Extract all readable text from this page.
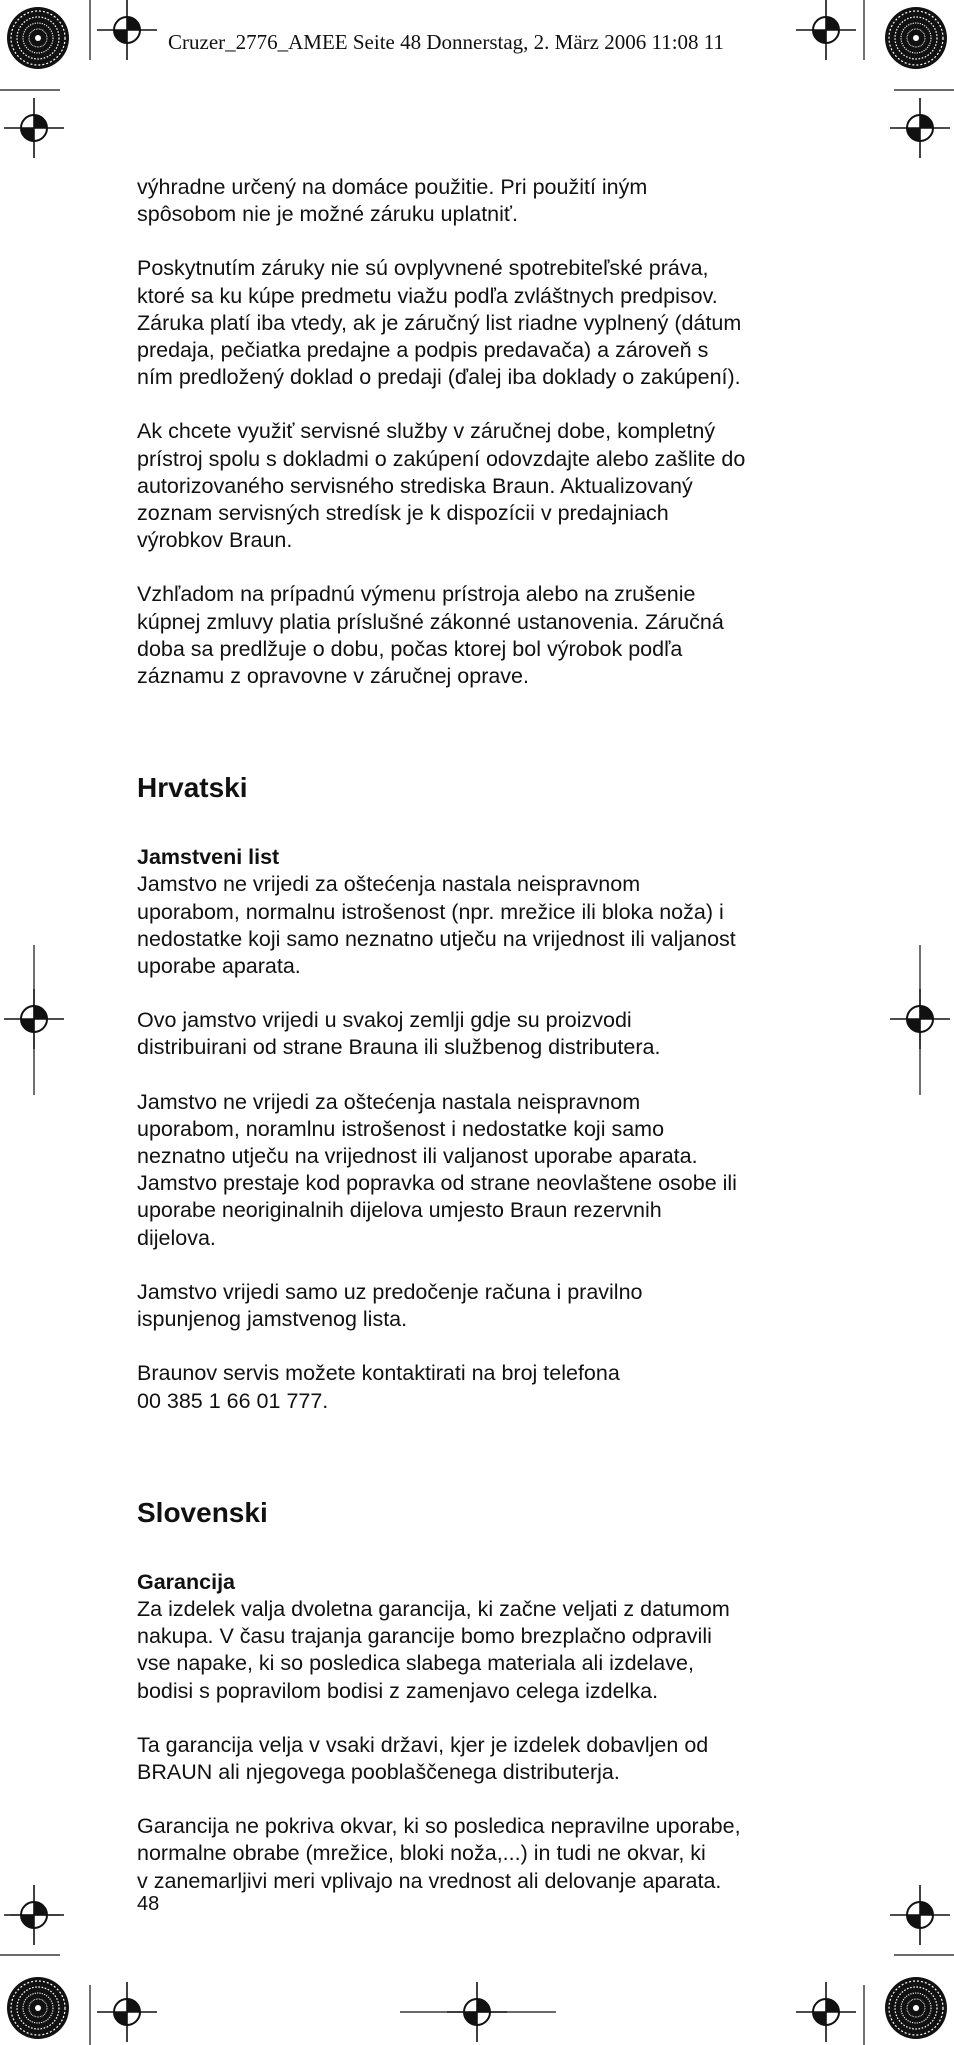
Cruzer_2776_AMEE Seite 48 Donnerstag, 2. März 2006 11:08 11

výhradne určený na domáce použitie. Pri použití iným
spôsobom nie je možné záruku uplatniť.

Poskytnutím záruky nie sú ovplyvnené spotrebiteľské práva,
ktoré sa ku kúpe predmetu viažu podľa zvláštnych predpisov.
Záruka platí iba vtedy, ak je záručný list riadne vyplnený (dátum
predaja, pečiatka predajne a podpis predavača) a zároveň s
ním predložený doklad o predaji (ďalej iba doklady o zakúpení).

Ak chcete využiť servisné služby v záručnej dobe, kompletný
prístroj spolu s dokladmi o zakúpení odovzdajte alebo zašlite do
autorizovaného servisného strediska Braun. Aktualizovaný
zoznam servisných stredísk je k dispozícii v predajniach
výrobkov Braun.

Vzhľadom na prípadnú výmenu prístroja alebo na zrušenie
kúpnej zmluvy platia príslušné zákonné ustanovenia. Záručná
doba sa predlžuje o dobu, počas ktorej bol výrobok podľa
záznamu z opravovne v záručnej oprave.

Hrvatski
Jamstveni list

Jamstvo ne vrijedi za oštećenja nastala neispravnom
uporabom, normalnu istrošenost (npr. mrežice ili bloka noža) i
nedostatke koji samo neznatno utječu na vrijednost ili valjanost
uporabe aparata.

Ovo jamstvo vrijedi u svakoj zemlji gdje su proizvodi
distribuirani od strane Brauna ili službenog distributera.

Jamstvo ne vrijedi za oštećenja nastala neispravnom
uporabom, noramlnu istrošenost i nedostatke koji samo
neznatno utječu na vrijednost ili valjanost uporabe aparata.
Jamstvo prestaje kod popravka od strane neovlaštene osobe ili
uporabe neoriginalnih dijelova umjesto Braun rezervnih
dijelova.

Jamstvo vrijedi samo uz predočenje računa i pravilno
ispunjenog jamstvenog lista.

Braunov servis možete kontaktirati na broj telefona
00 385 1 66 01 777.

Slovenski
Garancija

Za izdelek valja dvoletna garancija, ki začne veljati z datumom
nakupa. V času trajanja garancije bomo brezplačno odpravili
vse napake, ki so posledica slabega materiala ali izdelave,
bodisi s popravilom bodisi z zamenjavo celega izdelka.

Ta garancija velja v vsaki državi, kjer je izdelek dobavljen od
BRAUN ali njegovega pooblaščenega distributerja.

Garancija ne pokriva okvar, ki so posledica nepravilne uporabe,
normalne obrabe (mrežice, bloki noža,...) in tudi ne okvar, ki
v zanemarljivi meri vplivajo na vrednost ali delovanje aparata.

48
